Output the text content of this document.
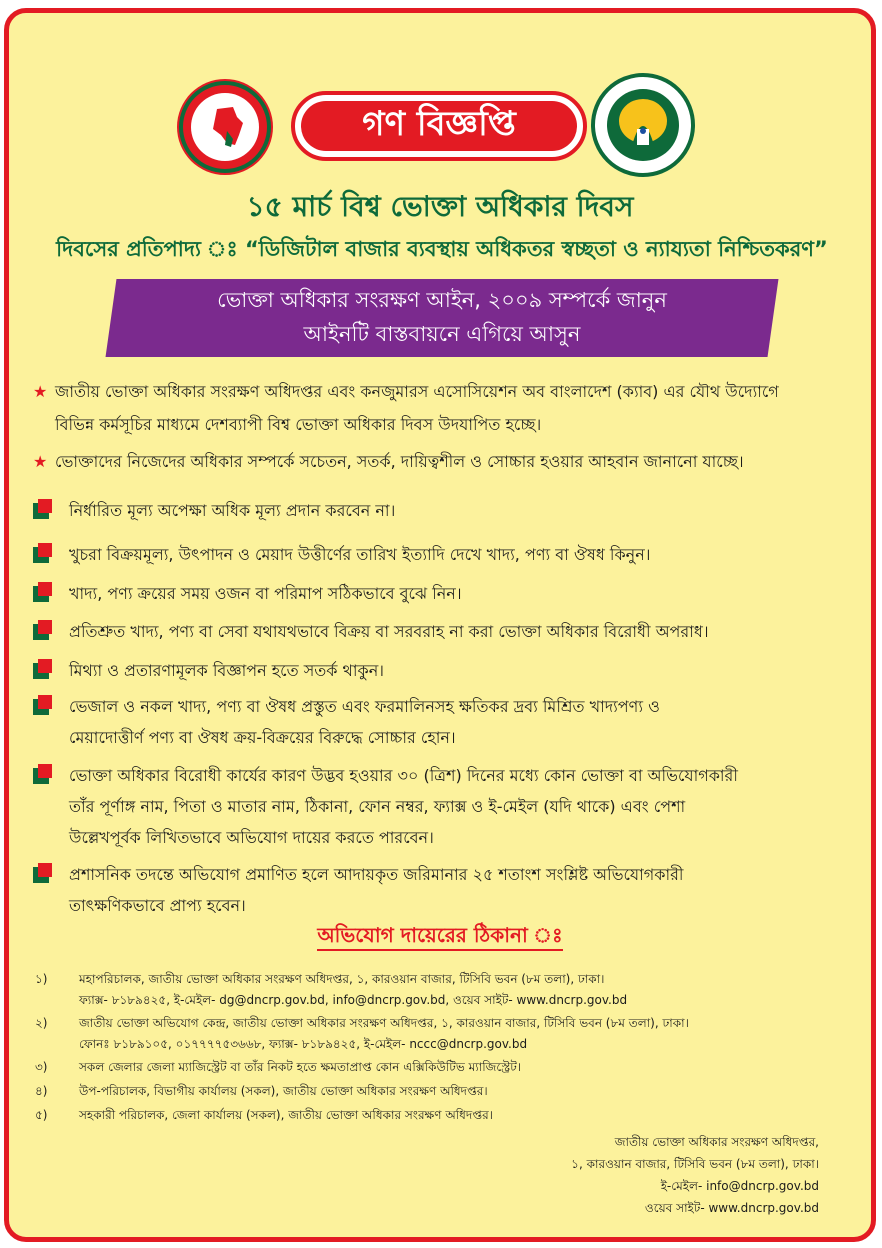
গণ বিজ্ঞপ্তি
১৫ মার্চ বিশ্ব ভোক্তা অধিকার দিবস
দিবসের প্রতিপাদ্য ঃ “ডিজিটাল বাজার ব্যবস্থায় অধিকতর স্বচ্ছতা ও ন্যায্যতা নিশ্চিতকরণ”
ভোক্তা অধিকার সংরক্ষণ আইন, ২০০৯ সম্পর্কে জানুন
আইনটি বাস্তবায়নে এগিয়ে আসুন
★ জাতীয় ভোক্তা অধিকার সংরক্ষণ অধিদপ্তর এবং কনজুমারস এসোসিয়েশন অব বাংলাদেশ (ক্যাব) এর যৌথ উদ্যোগে
বিভিন্ন কর্মসূচির মাধ্যমে দেশব্যাপী বিশ্ব ভোক্তা অধিকার দিবস উদযাপিত হচ্ছে।
★ ভোক্তাদের নিজেদের অধিকার সম্পর্কে সচেতন, সতর্ক, দায়িত্বশীল ও সোচ্চার হওয়ার আহবান জানানো যাচ্ছে।
নির্ধারিত মূল্য অপেক্ষা অধিক মূল্য প্রদান করবেন না।
খুচরা বিক্রয়মূল্য, উৎপাদন ও মেয়াদ উত্তীর্ণের তারিখ ইত্যাদি দেখে খাদ্য, পণ্য বা ঔষধ কিনুন।
খাদ্য, পণ্য ক্রয়ের সময় ওজন বা পরিমাপ সঠিকভাবে বুঝে নিন।
প্রতিশ্রুত খাদ্য, পণ্য বা সেবা যথাযথভাবে বিক্রয় বা সরবরাহ না করা ভোক্তা অধিকার বিরোধী অপরাধ।
মিথ্যা ও প্রতারণামূলক বিজ্ঞাপন হতে সতর্ক থাকুন।
ভেজাল ও নকল খাদ্য, পণ্য বা ঔষধ প্রস্তুত এবং ফরমালিনসহ ক্ষতিকর দ্রব্য মিশ্রিত খাদ্যপণ্য ও
মেয়াদোত্তীর্ণ পণ্য বা ঔষধ ক্রয়-বিক্রয়ের বিরুদ্ধে সোচ্চার হোন।
ভোক্তা অধিকার বিরোধী কার্যের কারণ উদ্ভব হওয়ার ৩০ (ত্রিশ) দিনের মধ্যে কোন ভোক্তা বা অভিযোগকারী
তাঁর পূর্ণাঙ্গ নাম, পিতা ও মাতার নাম, ঠিকানা, ফোন নম্বর, ফ্যাক্স ও ই-মেইল (যদি থাকে) এবং পেশা
উল্লেখপূর্বক লিখিতভাবে অভিযোগ দায়ের করতে পারবেন।
প্রশাসনিক তদন্তে অভিযোগ প্রমাণিত হলে আদায়কৃত জরিমানার ২৫ শতাংশ সংশ্লিষ্ট অভিযোগকারী
তাৎক্ষণিকভাবে প্রাপ্য হবেন।
অভিযোগ দায়েরের ঠিকানা ঃ
১)	মহাপরিচালক, জাতীয় ভোক্তা অধিকার সংরক্ষণ অধিদপ্তর, ১, কারওয়ান বাজার, টিসিবি ভবন (৮ম তলা), ঢাকা।
ফ্যাক্স- ৮১৮৯৪২৫, ই-মেইল- dg@dncrp.gov.bd, info@dncrp.gov.bd, ওয়েব সাইট- www.dncrp.gov.bd
২)	জাতীয় ভোক্তা অভিযোগ কেন্দ্র, জাতীয় ভোক্তা অধিকার সংরক্ষণ অধিদপ্তর, ১, কারওয়ান বাজার, টিসিবি ভবন (৮ম তলা), ঢাকা।
ফোনঃ ৮১৮৯১০৫, ০১৭৭৭৭৫৩৬৬৮, ফ্যাক্স- ৮১৮৯৪২৫, ই-মেইল- nccc@dncrp.gov.bd
৩)	সকল জেলার জেলা ম্যাজিস্ট্রেট বা তাঁর নিকট হতে ক্ষমতাপ্রাপ্ত কোন এক্সিকিউটিভ ম্যাজিস্ট্রেট।
৪)	উপ-পরিচালক, বিভাগীয় কার্যালয় (সকল), জাতীয় ভোক্তা অধিকার সংরক্ষণ অধিদপ্তর।
৫)	সহকারী পরিচালক, জেলা কার্যালয় (সকল), জাতীয় ভোক্তা অধিকার সংরক্ষণ অধিদপ্তর।
জাতীয় ভোক্তা অধিকার সংরক্ষণ অধিদপ্তর,
১, কারওয়ান বাজার, টিসিবি ভবন (৮ম তলা), ঢাকা।
ই-মেইল- info@dncrp.gov.bd
ওয়েব সাইট- www.dncrp.gov.bd
